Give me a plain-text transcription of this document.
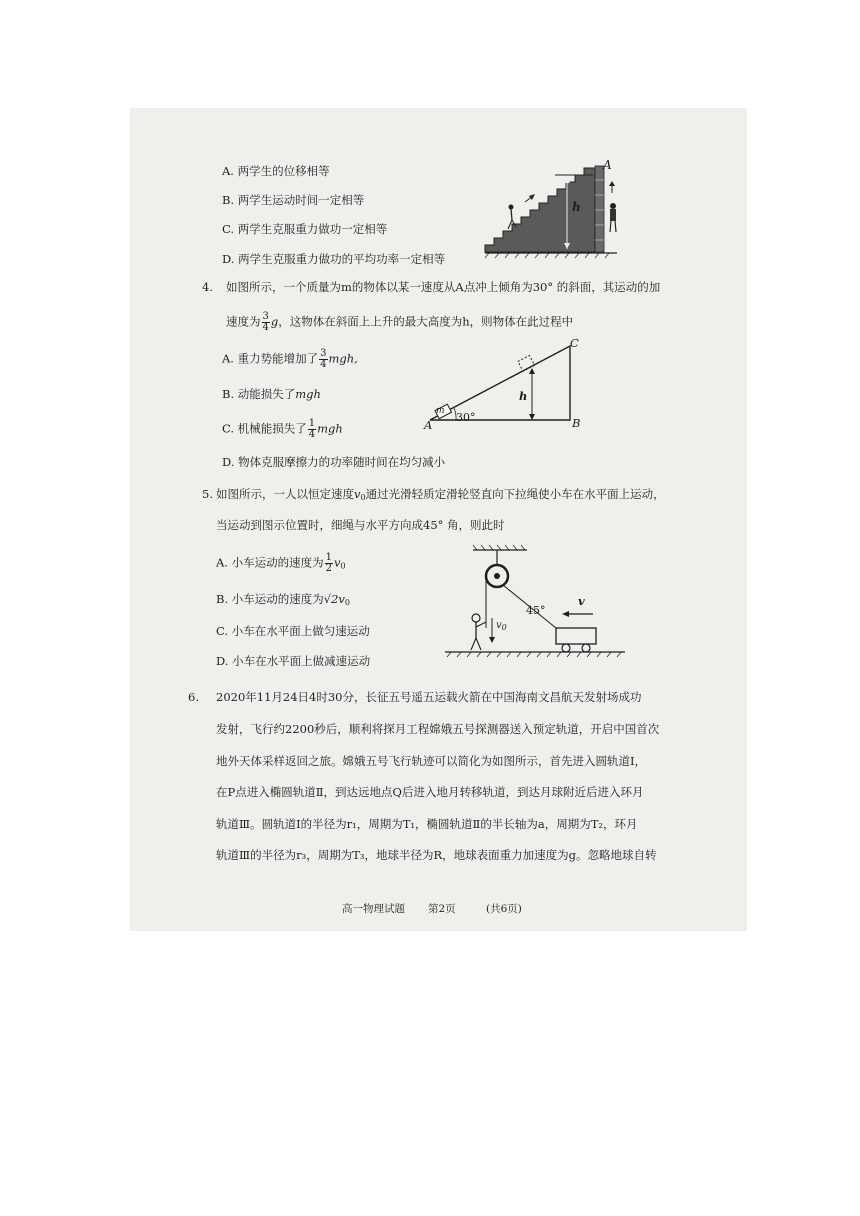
A. 两学生的位移相等
B. 两学生运动时间一定相等
C. 两学生克服重力做功一定相等
D. 两学生克服重力做功的平均功率一定相等
A
h
4. 如图所示，一个质量为m的物体以某一速度从A点冲上倾角为30° 的斜面，其运动的加
速度为 $\frac{3}{4}$ g，这物体在斜面上上升的最大高度为h，则物体在此过程中
A. 重力势能增加了 $\frac{3}{4}$ mgh,
B. 动能损失了mgh
C. 机械能损失了 $\frac{1}{4}$ mgh
D. 物体克服摩擦力的功率随时间在均匀减小
A	B
C
m 30°
h
5. 如图所示，一人以恒定速度$v_0$通过光滑轻质定滑轮竖直向下拉绳使小车在水平面上运动，
当运动到图示位置时，细绳与水平方向成45° 角，则此时
A. 小车运动的速度为 $\frac{1}{2} v_0$
B. 小车运动的速度为$√2v_0$
C. 小车在水平面上做匀速运动
D. 小车在水平面上做减速运动
45°
v
$v_0$
6. 2020年11月24日4时30分，长征五号遥五运载火箭在中国海南文昌航天发射场成功
发射，飞行约2200秒后，顺利将探月工程嫦娥五号探测器送入预定轨道，开启中国首次
地外天体采样返回之旅。嫦娥五号飞行轨迹可以简化为如图所示，首先进入圆轨道Ⅰ，
在P点进入椭圆轨道Ⅱ，到达远地点Q后进入地月转移轨道，到达月球附近后进入环月
轨道Ⅲ。圆轨道Ⅰ的半径为r₁，周期为T₁，椭圆轨道Ⅱ的半长轴为a，周期为T₂，环月
轨道Ⅲ的半径为r₃，周期为T₃，地球半径为R，地球表面重力加速度为g。忽略地球自转
高一物理试题 第2页	(共6页)
